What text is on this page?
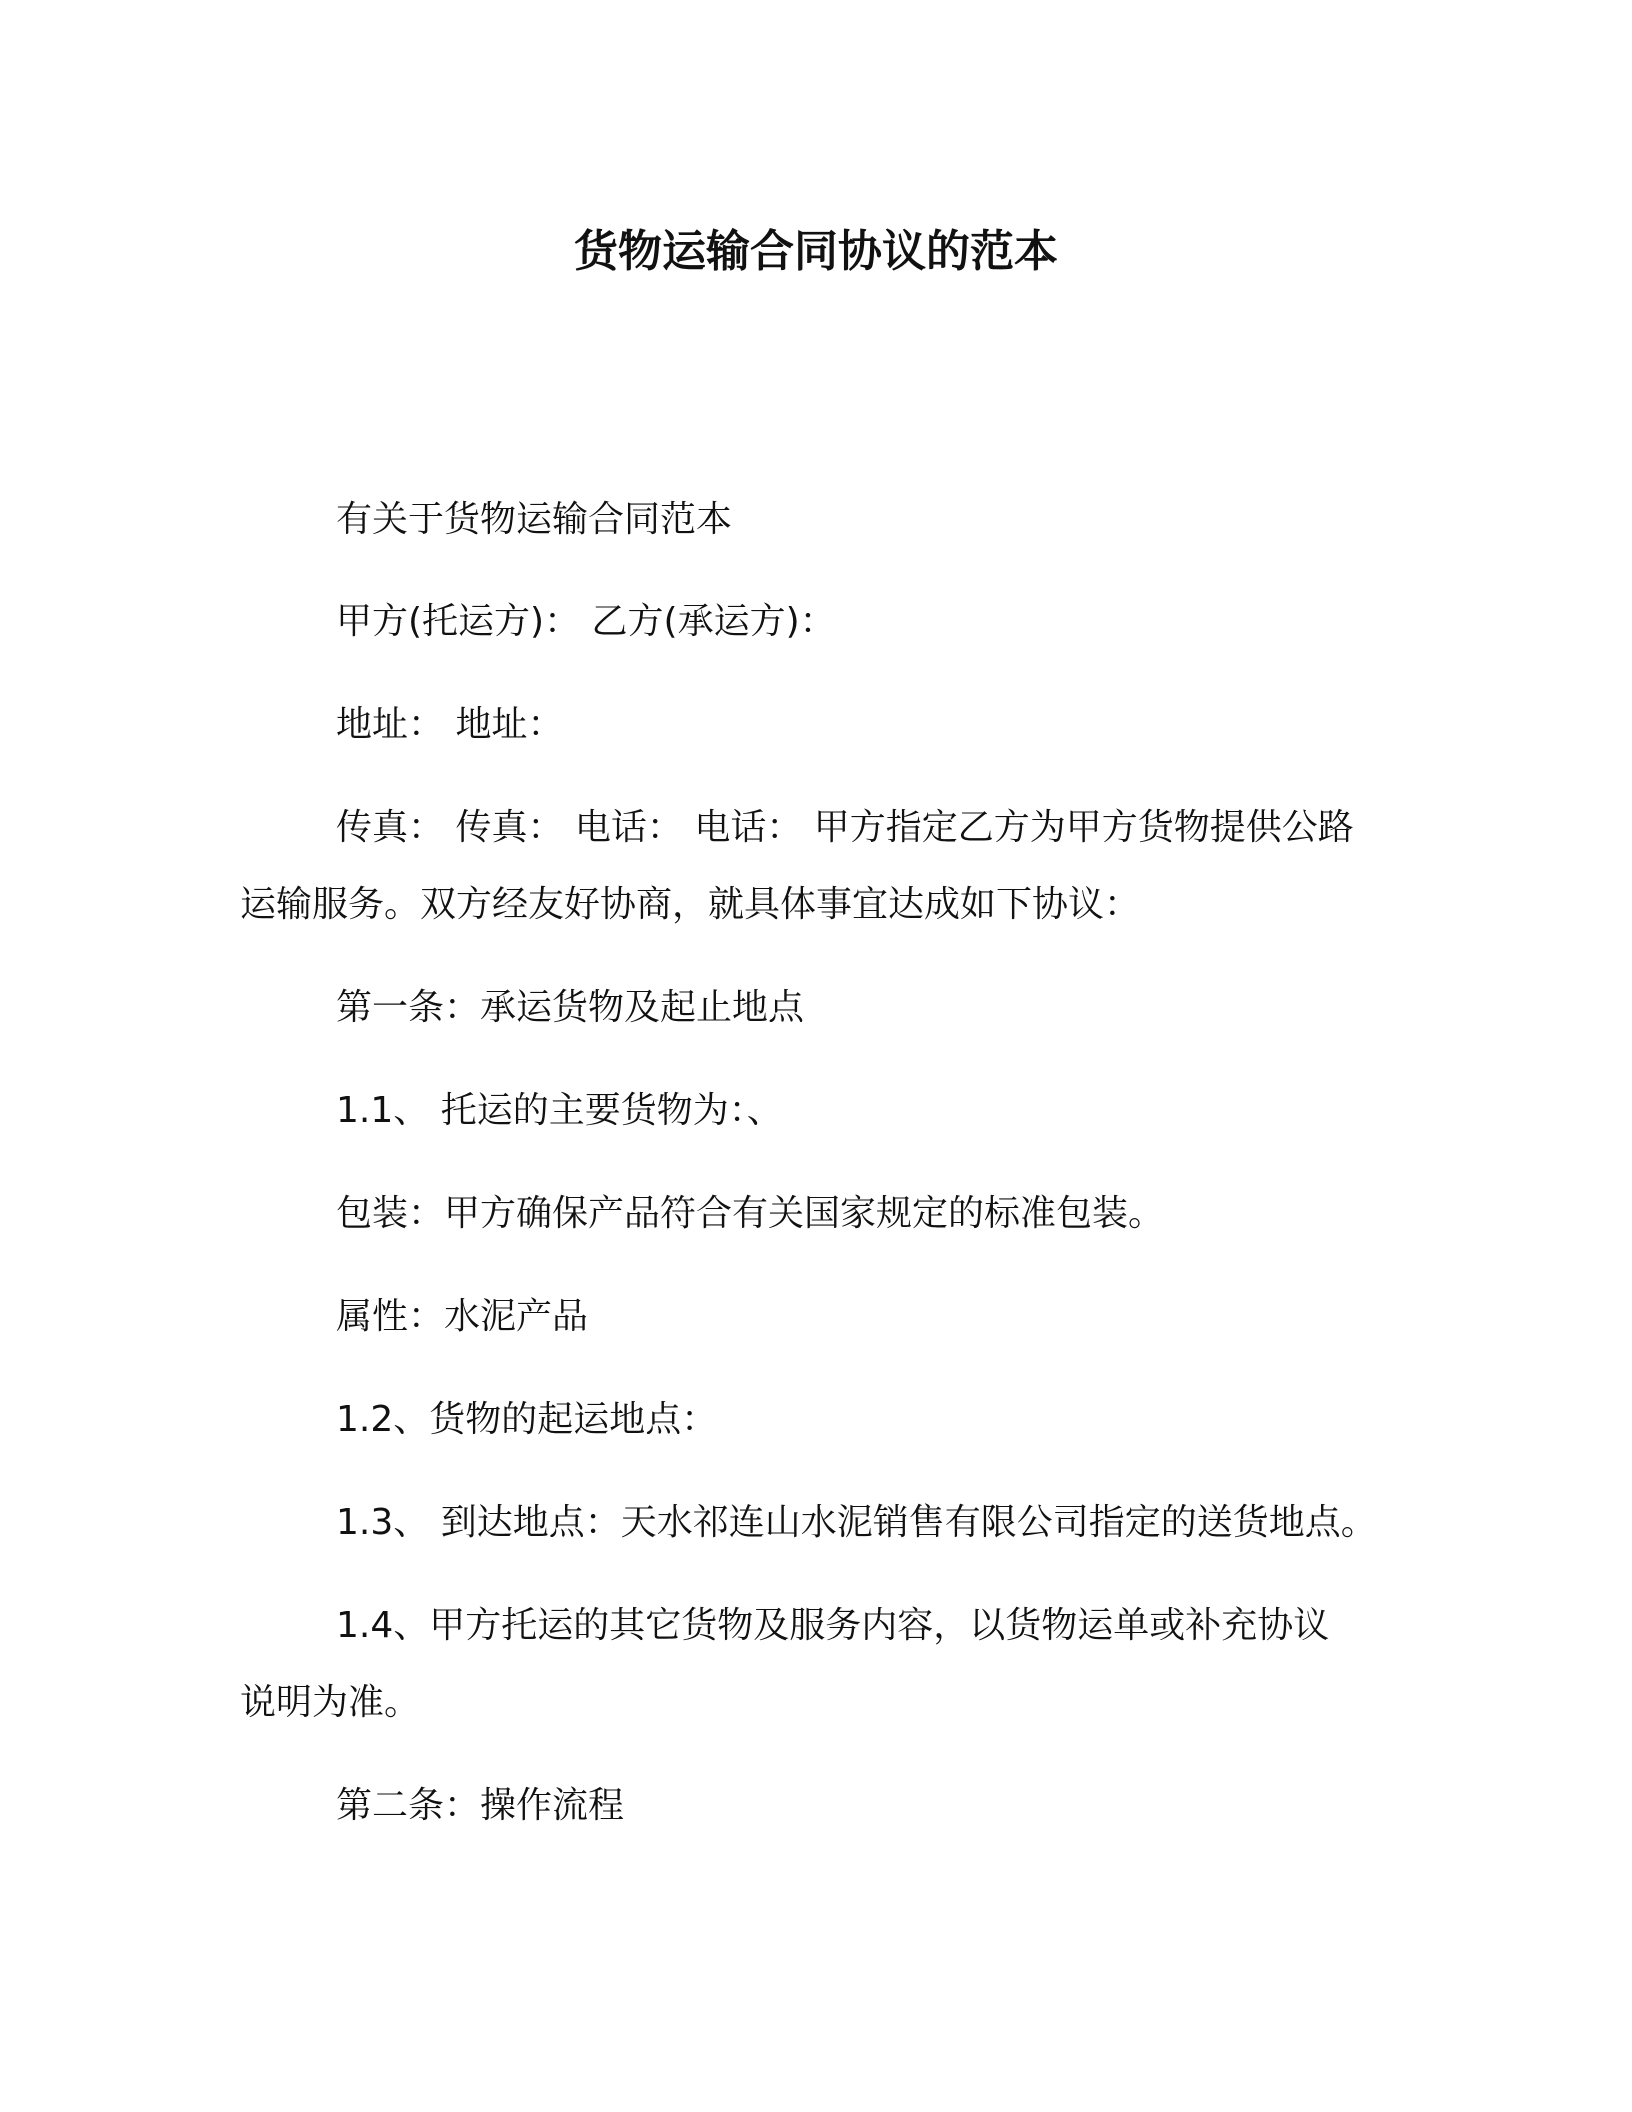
货物运输合同协议的范本

有关于货物运输合同范本

甲方(托运方)： 乙方(承运方)：

地址： 地址：

传真： 传真： 电话： 电话： 甲方指定乙方为甲方货物提供公路

运输服务。双方经友好协商，就具体事宜达成如下协议：

第一条：承运货物及起止地点

1.1、 托运的主要货物为：、

包装：甲方确保产品符合有关国家规定的标准包装。

属性：水泥产品

1.2、货物的起运地点：

1.3、 到达地点：天水祁连山水泥销售有限公司指定的送货地点。

1.4、甲方托运的其它货物及服务内容，以货物运单或补充协议

说明为准。

第二条：操作流程
